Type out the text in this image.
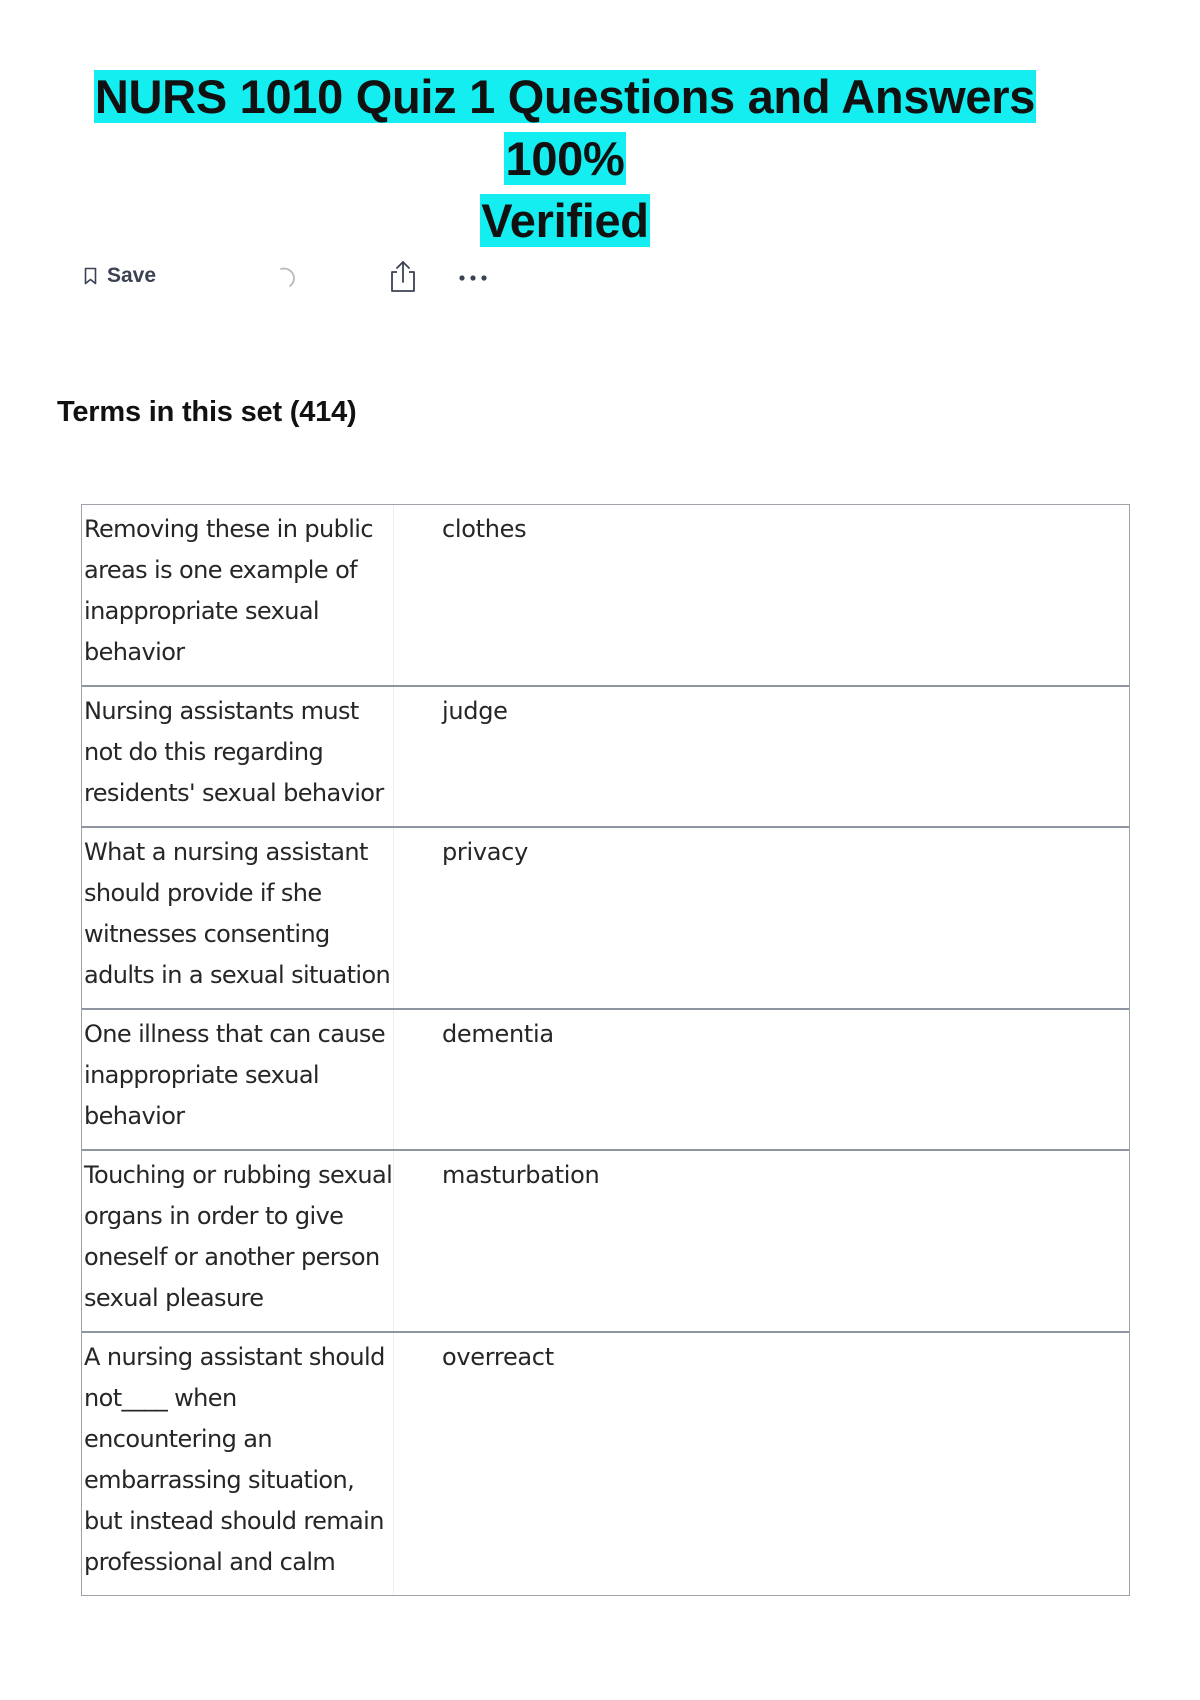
NURS 1010 Quiz 1 Questions and Answers 100%
Verified
Save
Terms in this set (414)
Removing these in public areas is one example of inappropriate sexual behavior
clothes
Nursing assistants must not do this regarding residents' sexual behavior
judge
What a nursing assistant should provide if she witnesses consenting adults in a sexual situation
privacy
One illness that can cause inappropriate sexual behavior
dementia
Touching or rubbing sexual organs in order to give oneself or another person sexual pleasure
masturbation
A nursing assistant should not____ when encountering an embarrassing situation, but instead should remain professional and calm
overreact
